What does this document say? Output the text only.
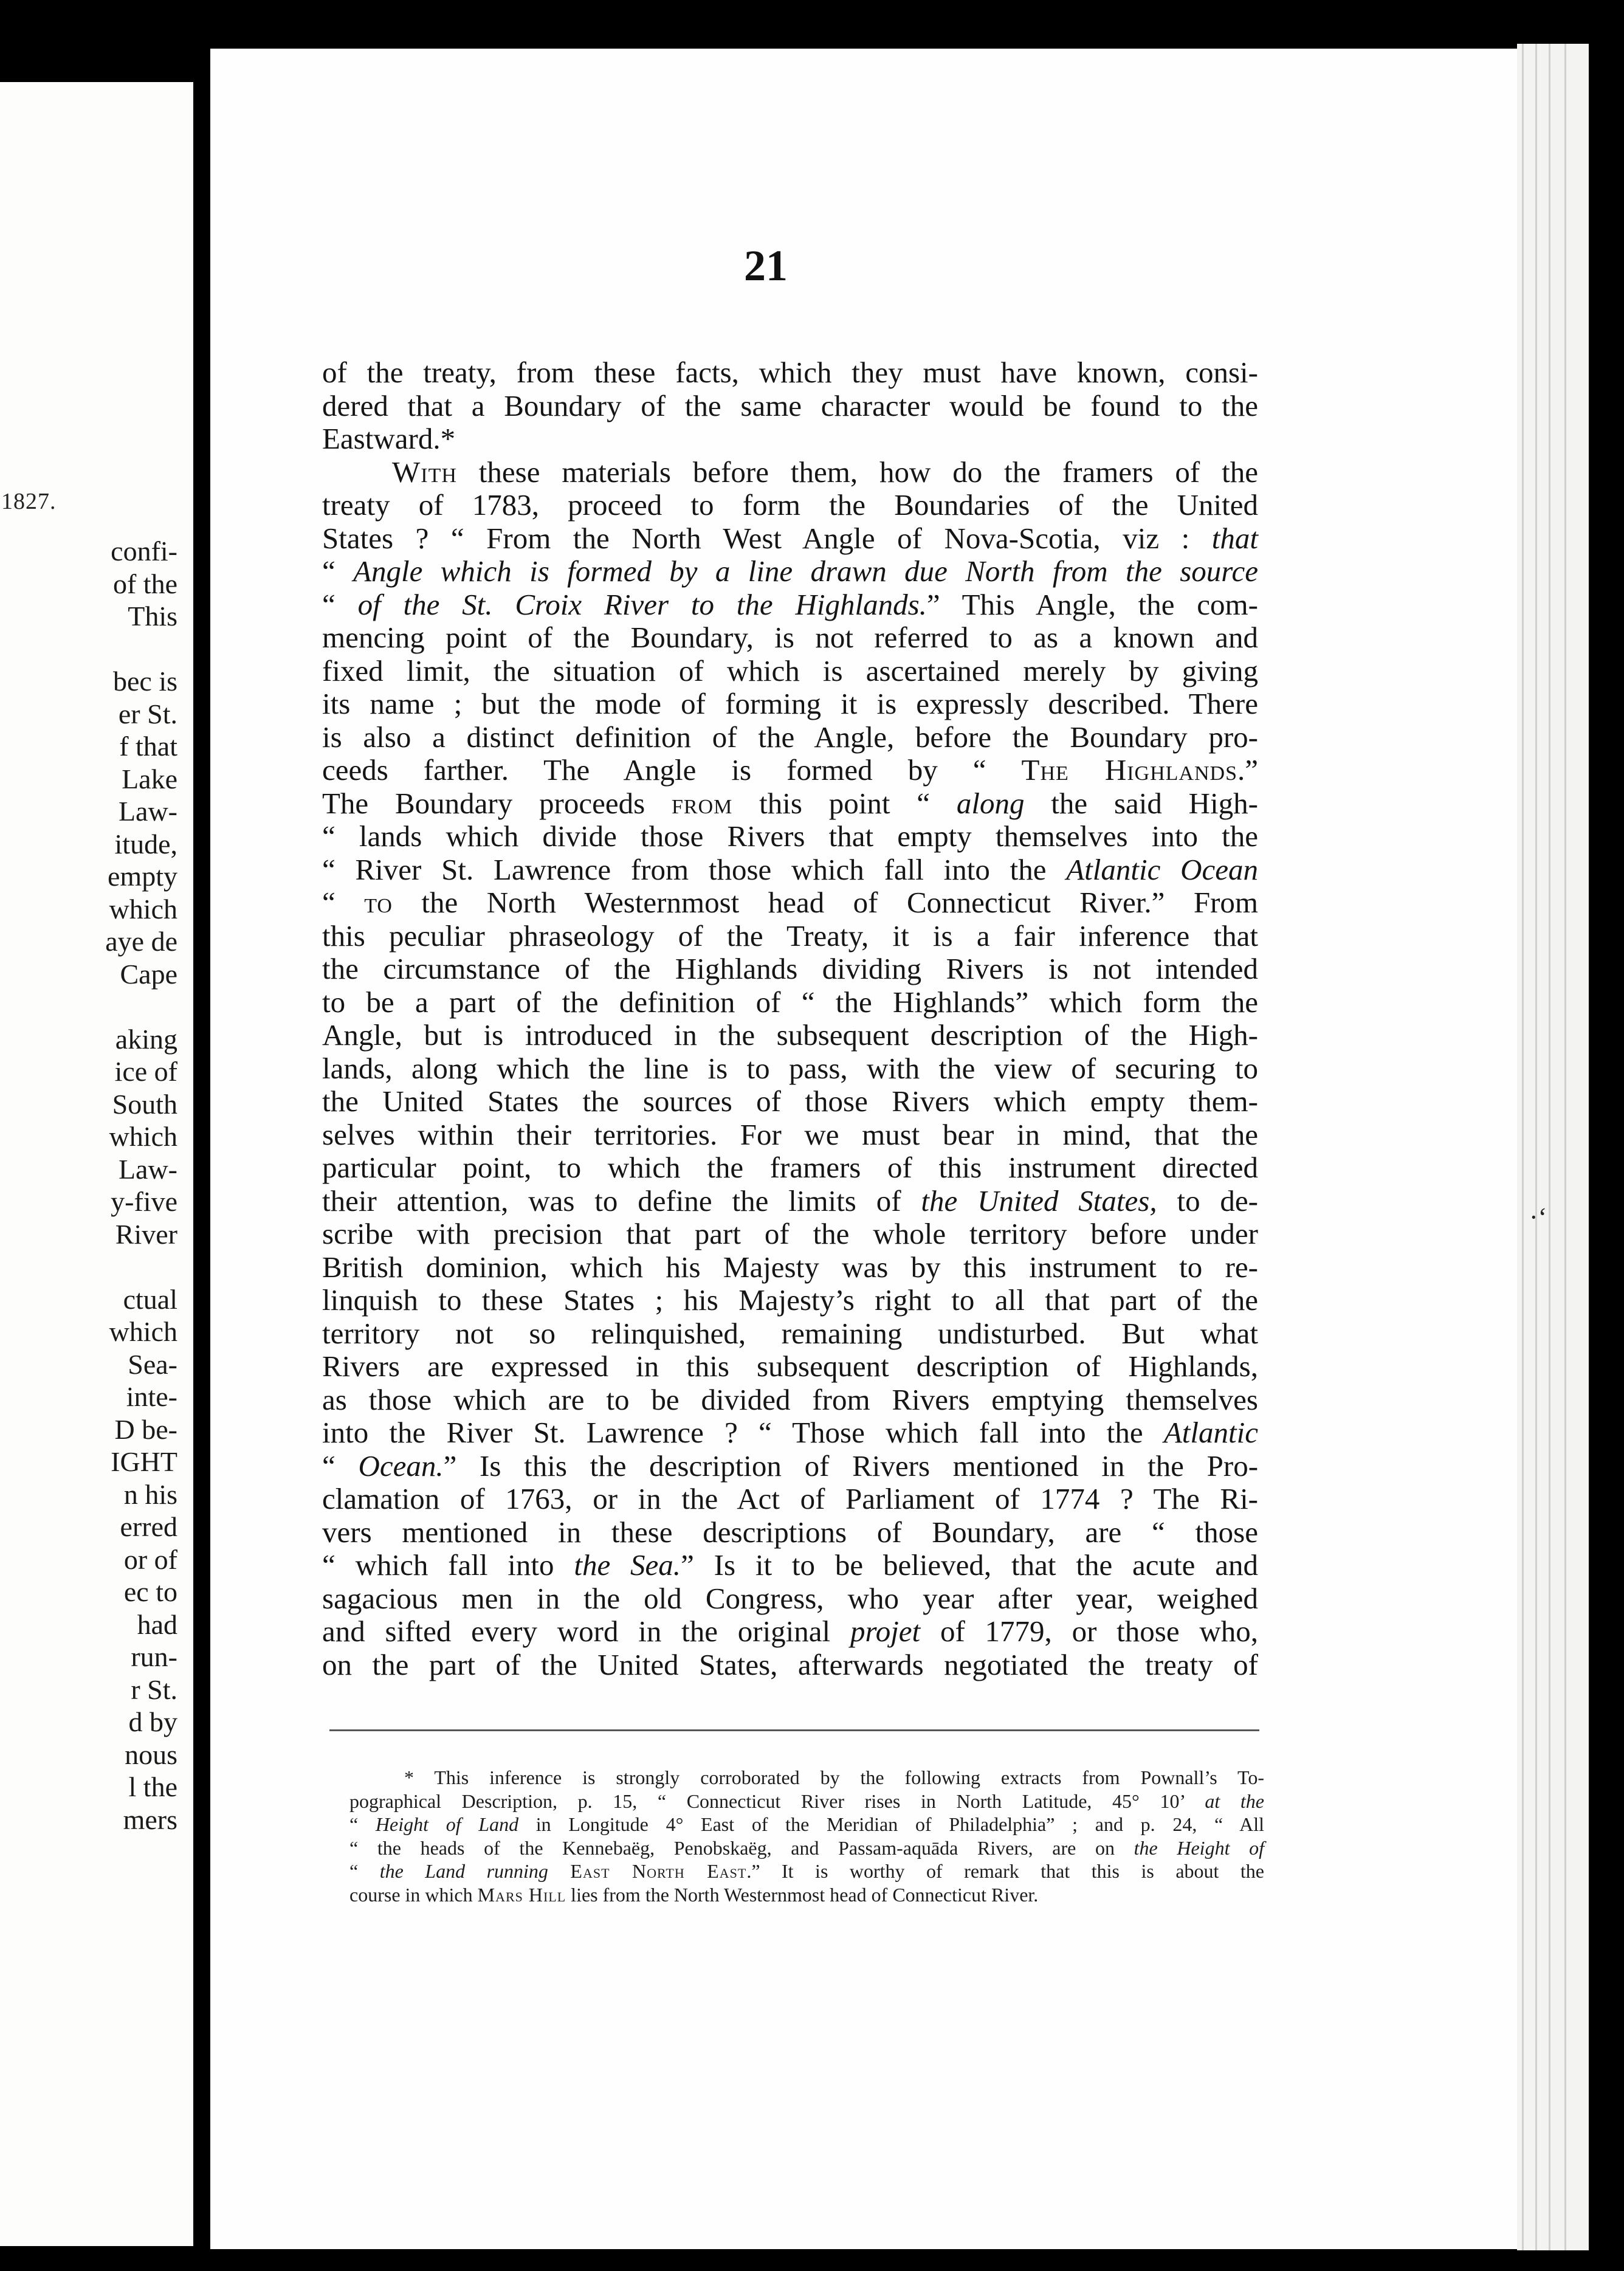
1827.
confi-
of the
This
bec is
er St.
f that
Lake
Law-
itude,
empty
which
aye de
Cape
aking
ice of
South
which
Law-
y-five
River
ctual
which
Sea-
inte-
D be-
IGHT
n his
erred
or of
ec to
had
run-
r St.
d by
nous
l the
mers
·ʻ
21
of the treaty, from these facts, which they must have known, consi-
dered that a Boundary of the same character would be found to the
Eastward.*
With these materials before them, how do the framers of the
treaty of 1783, proceed to form the Boundaries of the United
States ? “ From the North West Angle of Nova-Scotia, viz : that
“ Angle which is formed by a line drawn due North from the source
“ of the St. Croix River to the Highlands.” This Angle, the com-
mencing point of the Boundary, is not referred to as a known and
fixed limit, the situation of which is ascertained merely by giving
its name ; but the mode of forming it is expressly described. There
is also a distinct definition of the Angle, before the Boundary pro-
ceeds farther. The Angle is formed by “ The Highlands.”
The Boundary proceeds from this point “ along the said High-
“ lands which divide those Rivers that empty themselves into the
“ River St. Lawrence from those which fall into the Atlantic Ocean
“ to the North Westernmost head of Connecticut River.” From
this peculiar phraseology of the Treaty, it is a fair inference that
the circumstance of the Highlands dividing Rivers is not intended
to be a part of the definition of “ the Highlands” which form the
Angle, but is introduced in the subsequent description of the High-
lands, along which the line is to pass, with the view of securing to
the United States the sources of those Rivers which empty them-
selves within their territories. For we must bear in mind, that the
particular point, to which the framers of this instrument directed
their attention, was to define the limits of the United States, to de-
scribe with precision that part of the whole territory before under
British dominion, which his Majesty was by this instrument to re-
linquish to these States ; his Majesty’s right to all that part of the
territory not so relinquished, remaining undisturbed. But what
Rivers are expressed in this subsequent description of Highlands,
as those which are to be divided from Rivers emptying themselves
into the River St. Lawrence ? “ Those which fall into the Atlantic
“ Ocean.” Is this the description of Rivers mentioned in the Pro-
clamation of 1763, or in the Act of Parliament of 1774 ? The Ri-
vers mentioned in these descriptions of Boundary, are “ those
“ which fall into the Sea.” Is it to be believed, that the acute and
sagacious men in the old Congress, who year after year, weighed
and sifted every word in the original projet of 1779, or those who,
on the part of the United States, afterwards negotiated the treaty of
* This inference is strongly corroborated by the following extracts from Pownall’s To-
pographical Description, p. 15, “ Connecticut River rises in North Latitude, 45° 10’ at the
“ Height of Land in Longitude 4° East of the Meridian of Philadelphia” ; and p. 24, “ All
“ the heads of the Kennebaëg, Penobskaëg, and Passam-aquāda Rivers, are on the Height of
“ the Land running East North East.” It is worthy of remark that this is about the
course in which Mars Hill lies from the North Westernmost head of Connecticut River.
